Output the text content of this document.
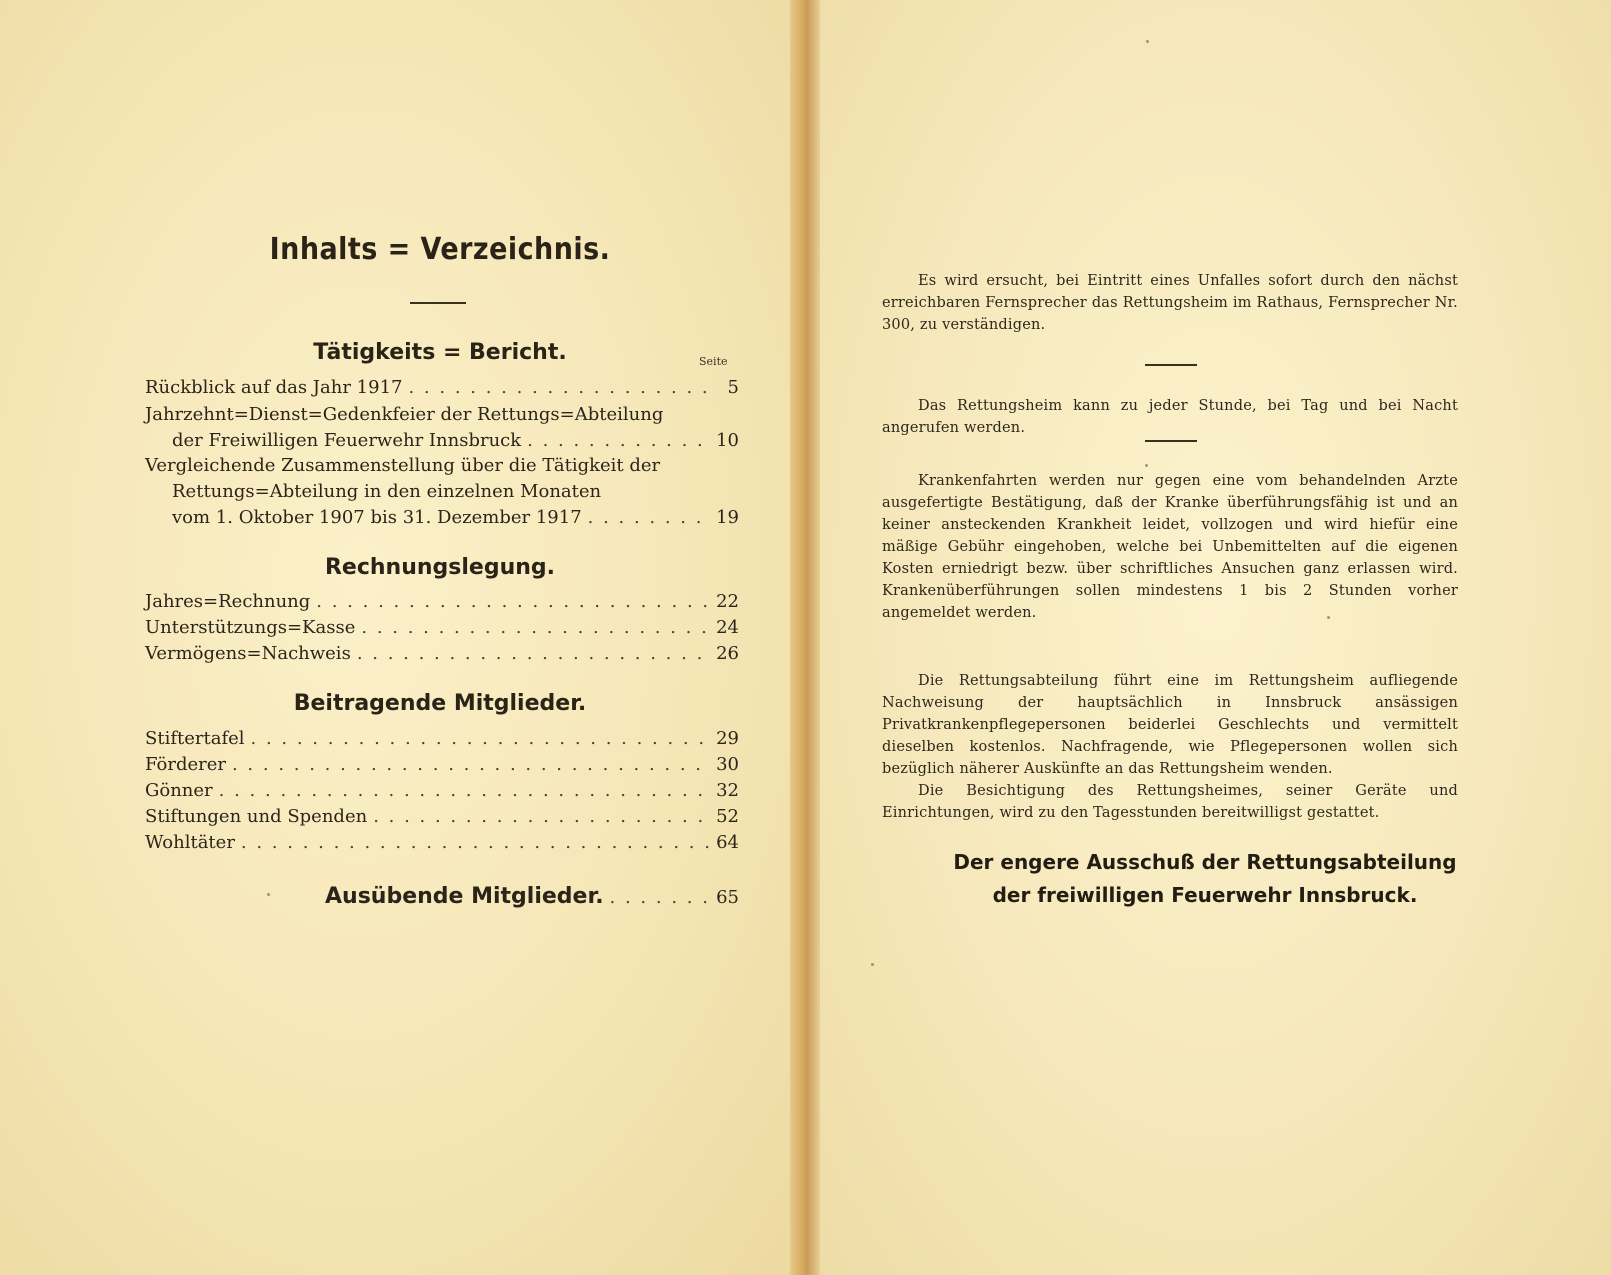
Inhalts = Verzeichnis.
Tätigkeits = Bericht.	Seite
Rückblick auf das Jahr 1917 . . .	5
Jahrzehnt=Dienst=Gedenkfeier der Rettungs=Abteilung
der Freiwilligen Feuerwehr Innsbruck . . .	10
Vergleichende Zusammenstellung über die Tätigkeit der
Rettungs=Abteilung in den einzelnen Monaten
vom 1. Oktober 1907 bis 31. Dezember 1917 . . .	19
Rechnungslegung.
Jahres=Rechnung . . .	22
Unterstützungs=Kasse . . .	24
Vermögens=Nachweis . . .	26
Beitragende Mitglieder.
Stiftertafel . . .	29
Förderer . . .	30
Gönner . . .	32
Stiftungen und Spenden . . .	52
Wohltäter . . .	64
Ausübende Mitglieder. . . .	65
Es wird ersucht, bei Eintritt eines Unfalles sofort durch den nächst erreichbaren Fernsprecher das Rettungsheim im Rathaus, Fernsprecher Nr. 300, zu verständigen.
Das Rettungsheim kann zu jeder Stunde, bei Tag und bei Nacht angerufen werden.
Krankenfahrten werden nur gegen eine vom behandelnden Arzte ausgefertigte Bestätigung, daß der Kranke überführungsfähig ist und an keiner ansteckenden Krankheit leidet, vollzogen und wird hiefür eine mäßige Gebühr eingehoben, welche bei Unbemittelten auf die eigenen Kosten erniedrigt bezw. über schriftliches Ansuchen ganz erlassen wird. Krankenüberführungen sollen mindestens 1 bis 2 Stunden vorher angemeldet werden.
Die Rettungsabteilung führt eine im Rettungsheim aufliegende Nachweisung der hauptsächlich in Innsbruck ansässigen Privatkrankenpflegepersonen beiderlei Geschlechts und vermittelt dieselben kostenlos. Nachfragende, wie Pflegepersonen wollen sich bezüglich näherer Auskünfte an das Rettungsheim wenden.
Die Besichtigung des Rettungsheimes, seiner Geräte und Einrichtungen, wird zu den Tagesstunden bereitwilligst gestattet.
Der engere Ausschuß der Rettungsabteilung
der freiwilligen Feuerwehr Innsbruck.
